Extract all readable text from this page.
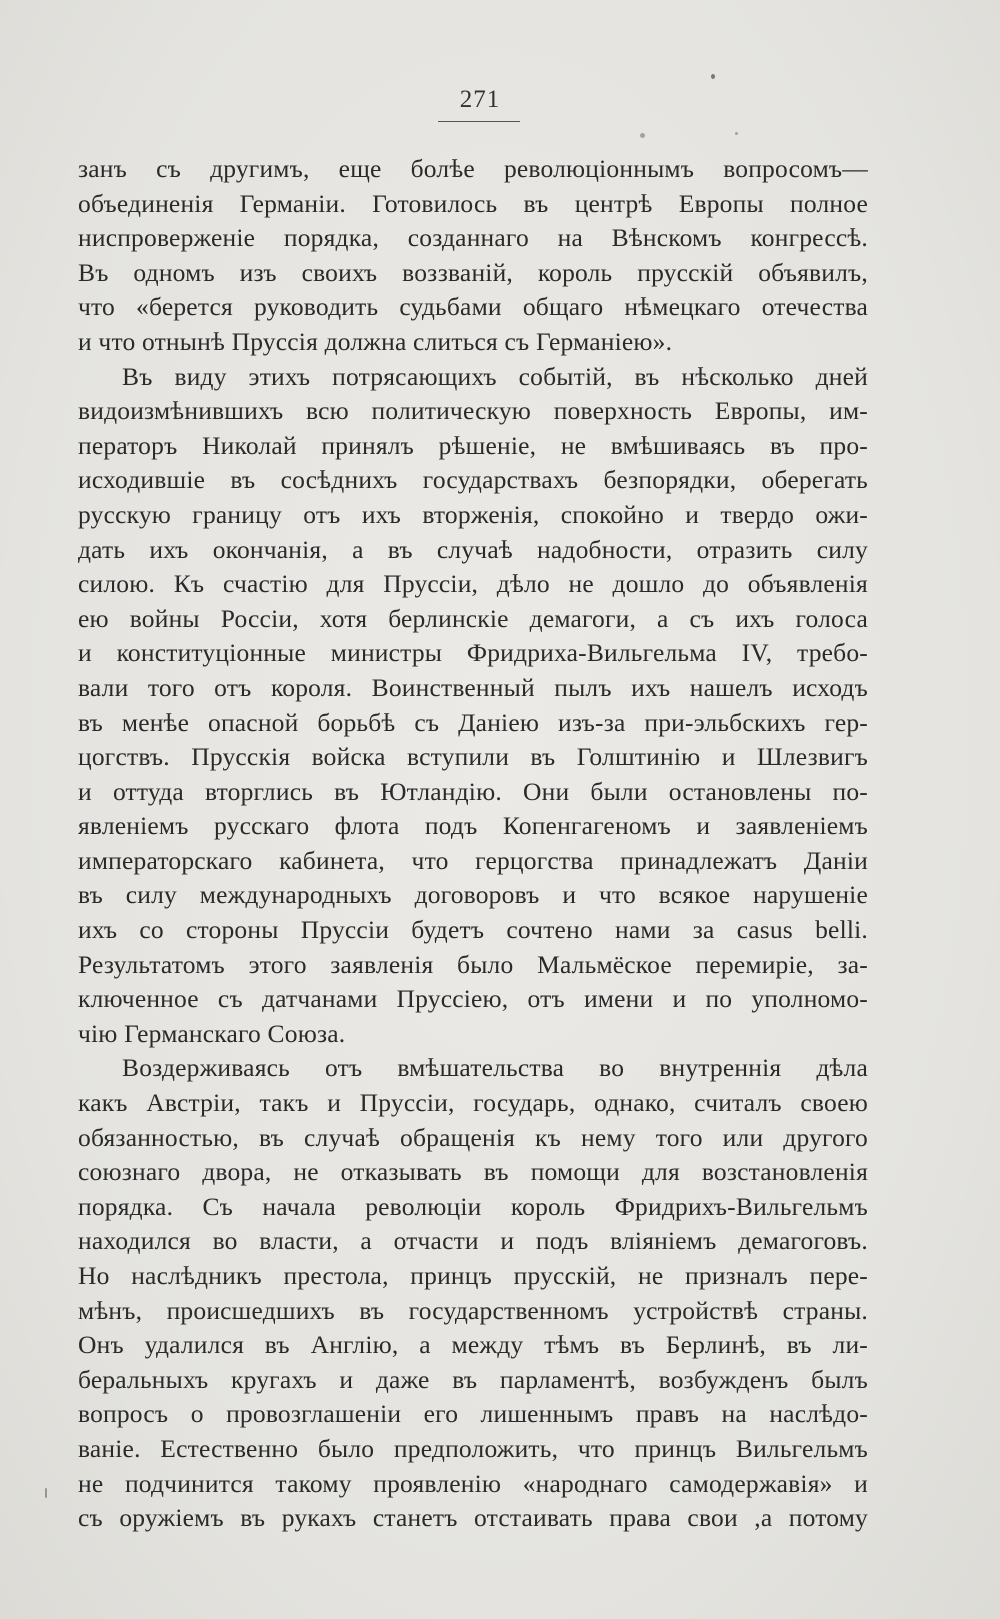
271

занъ съ другимъ, еще болѣе революціоннымъ вопросомъ—
объединенія Германіи. Готовилось въ центрѣ Европы полное
ниспроверженіе порядка, созданнаго на Вѣнскомъ конгрессѣ.
Въ одномъ изъ своихъ воззваній, король прусскій объявилъ,
что «берется руководить судьбами общаго нѣмецкаго отечества
и что отнынѣ Пруссія должна слиться съ Германіею».

Въ виду этихъ потрясающихъ событій, въ нѣсколько дней
видоизмѣнившихъ всю политическую поверхность Европы, им-
ператоръ Николай принялъ рѣшеніе, не вмѣшиваясь въ про-
исходившіе въ сосѣднихъ государствахъ безпорядки, оберегать
русскую границу отъ ихъ вторженія, спокойно и твердо ожи-
дать ихъ окончанія, а въ случаѣ надобности, отразить силу
силою. Къ счастію для Пруссіи, дѣло не дошло до объявленія
ею войны Россіи, хотя берлинскіе демагоги, а съ ихъ голоса
и конституціонные министры Фридриха-Вильгельма IV, требо-
вали того отъ короля. Воинственный пылъ ихъ нашелъ исходъ
въ менѣе опасной борьбѣ съ Даніею изъ-за при-эльбскихъ гер-
цогствъ. Прусскія войска вступили въ Голштинію и Шлезвигъ
и оттуда вторглись въ Ютландію. Они были остановлены по-
явленіемъ русскаго флота подъ Копенгагеномъ и заявленіемъ
императорскаго кабинета, что герцогства принадлежатъ Даніи
въ силу международныхъ договоровъ и что всякое нарушеніе
ихъ со стороны Пруссіи будетъ сочтено нами за casus belli.
Результатомъ этого заявленія было Мальмёское перемиріе, за-
ключенное съ датчанами Пруссіею, отъ имени и по уполномо-
чію Германскаго Союза.

Воздерживаясь отъ вмѣшательства во внутреннія дѣла
какъ Австріи, такъ и Пруссіи, государь, однако, считалъ своею
обязанностью, въ случаѣ обращенія къ нему того или другого
союзнаго двора, не отказывать въ помощи для возстановленія
порядка. Съ начала революціи король Фридрихъ-Вильгельмъ
находился во власти, а отчасти и подъ вліяніемъ демагоговъ.
Но наслѣдникъ престола, принцъ прусскій, не призналъ пере-
мѣнъ, происшедшихъ въ государственномъ устройствѣ страны.
Онъ удалился въ Англію, а между тѣмъ въ Берлинѣ, въ ли-
беральныхъ кругахъ и даже въ парламентѣ, возбужденъ былъ
вопросъ о провозглашеніи его лишеннымъ правъ на наслѣдо-
ваніе. Естественно было предположить, что принцъ Вильгельмъ
не подчинится такому проявленію «народнаго самодержавія» и
съ оружіемъ въ рукахъ станетъ отстаивать права свои ,а потому
